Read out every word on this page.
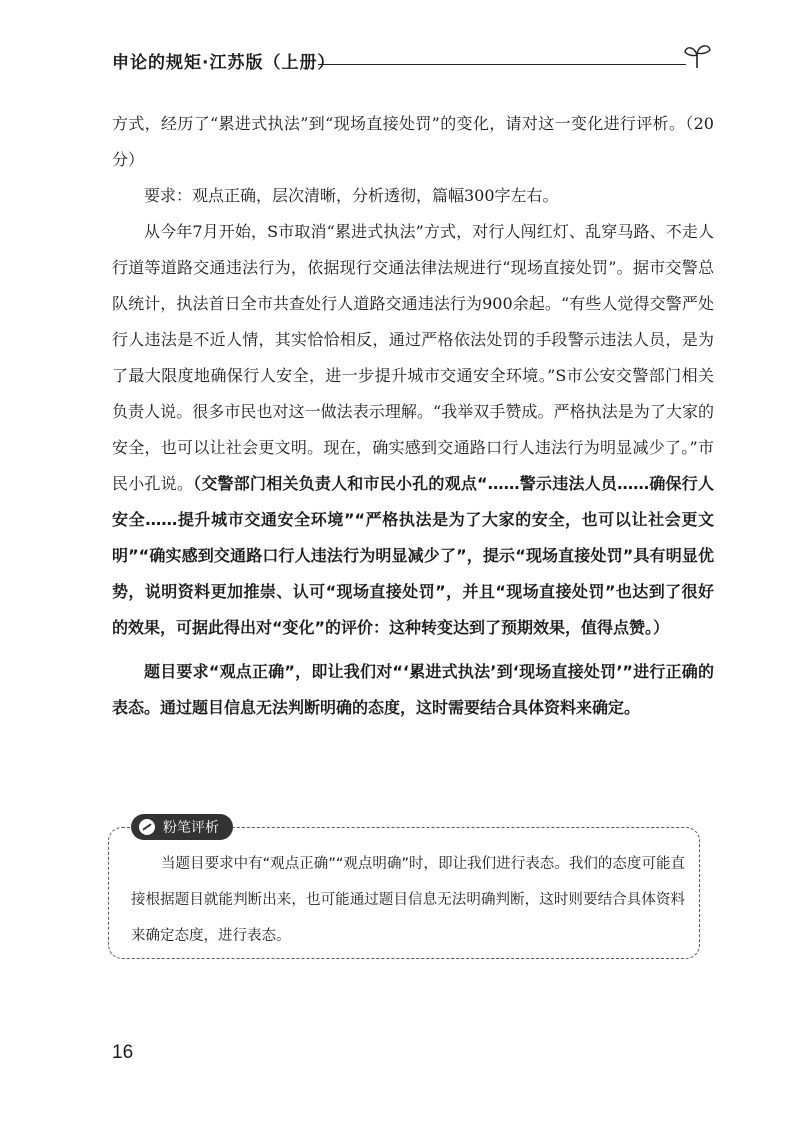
申论的规矩·江苏版（上册）

方式，经历了“累进式执法”到“现场直接处罚”的变化，请对这一变化进行评析。（20分）

要求：观点正确，层次清晰，分析透彻，篇幅300字左右。

从今年7月开始，S市取消“累进式执法”方式，对行人闯红灯、乱穿马路、不走人行道等道路交通违法行为，依据现行交通法律法规进行“现场直接处罚”。据市交警总队统计，执法首日全市共查处行人道路交通违法行为900余起。“有些人觉得交警严处行人违法是不近人情，其实恰恰相反，通过严格依法处罚的手段警示违法人员，是为了最大限度地确保行人安全，进一步提升城市交通安全环境。”S市公安交警部门相关负责人说。很多市民也对这一做法表示理解。“我举双手赞成。严格执法是为了大家的安全，也可以让社会更文明。现在，确实感到交通路口行人违法行为明显减少了。”市民小孔说。（交警部门相关负责人和市民小孔的观点“……警示违法人员……确保行人安全……提升城市交通安全环境”“严格执法是为了大家的安全，也可以让社会更文明”“确实感到交通路口行人违法行为明显减少了”，提示“现场直接处罚”具有明显优势，说明资料更加推崇、认可“现场直接处罚”，并且“现场直接处罚”也达到了很好的效果，可据此得出对“变化”的评价：这种转变达到了预期效果，值得点赞。）

题目要求“观点正确”，即让我们对“‘累进式执法’到‘现场直接处罚’”进行正确的表态。通过题目信息无法判断明确的态度，这时需要结合具体资料来确定。

粉笔评析

当题目要求中有“观点正确”“观点明确”时，即让我们进行表态。我们的态度可能直接根据题目就能判断出来，也可能通过题目信息无法明确判断，这时则要结合具体资料来确定态度，进行表态。

16
